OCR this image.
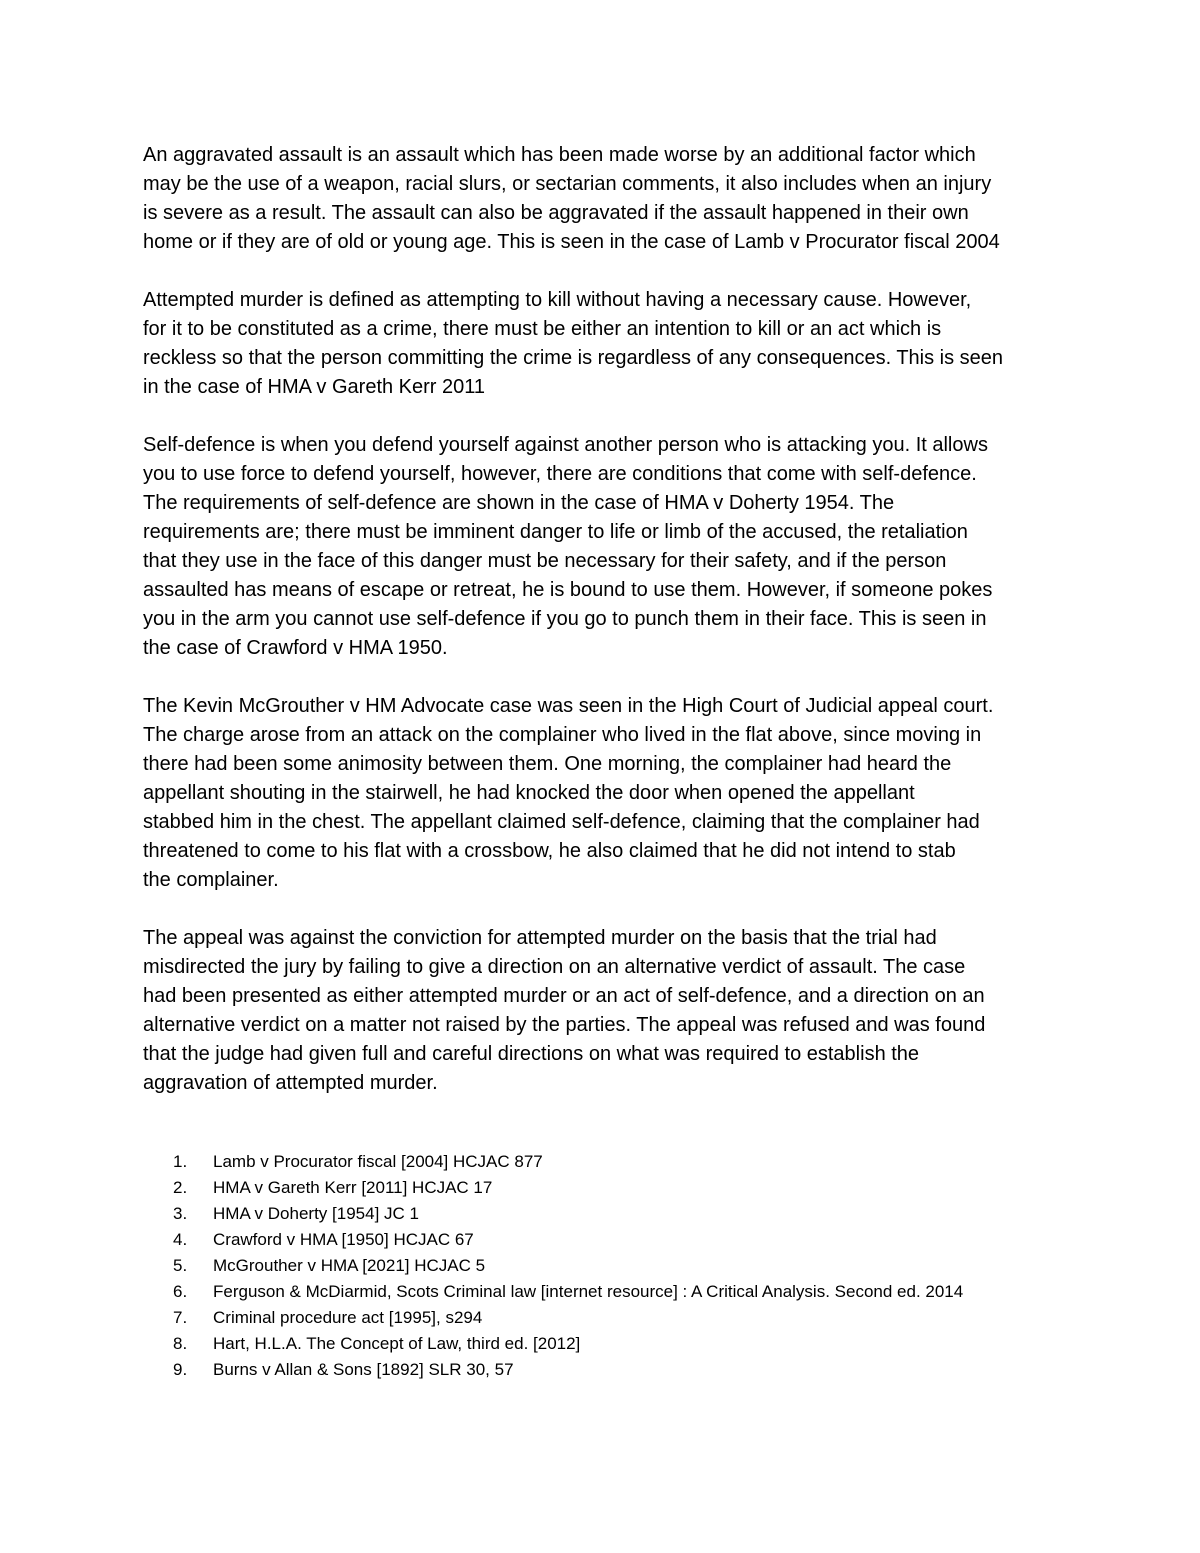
An aggravated assault is an assault which has been made worse by an additional factor which
may be the use of a weapon, racial slurs, or sectarian comments, it also includes when an injury
is severe as a result. The assault can also be aggravated if the assault happened in their own
home or if they are of old or young age. This is seen in the case of Lamb v Procurator fiscal 2004

Attempted murder is defined as attempting to kill without having a necessary cause. However,
for it to be constituted as a crime, there must be either an intention to kill or an act which is
reckless so that the person committing the crime is regardless of any consequences. This is seen
in the case of HMA v Gareth Kerr 2011

Self-defence is when you defend yourself against another person who is attacking you. It allows
you to use force to defend yourself, however, there are conditions that come with self-defence.
The requirements of self-defence are shown in the case of HMA v Doherty 1954. The
requirements are; there must be imminent danger to life or limb of the accused, the retaliation
that they use in the face of this danger must be necessary for their safety, and if the person
assaulted has means of escape or retreat, he is bound to use them. However, if someone pokes
you in the arm you cannot use self-defence if you go to punch them in their face. This is seen in
the case of Crawford v HMA 1950.

The Kevin McGrouther v HM Advocate case was seen in the High Court of Judicial appeal court.
The charge arose from an attack on the complainer who lived in the flat above, since moving in
there had been some animosity between them. One morning, the complainer had heard the
appellant shouting in the stairwell, he had knocked the door when opened the appellant
stabbed him in the chest. The appellant claimed self-defence, claiming that the complainer had
threatened to come to his flat with a crossbow, he also claimed that he did not intend to stab
the complainer.

The appeal was against the conviction for attempted murder on the basis that the trial had
misdirected the jury by failing to give a direction on an alternative verdict of assault. The case
had been presented as either attempted murder or an act of self-defence, and a direction on an
alternative verdict on a matter not raised by the parties. The appeal was refused and was found
that the judge had given full and careful directions on what was required to establish the
aggravation of attempted murder.

1.	Lamb v Procurator fiscal [2004] HCJAC 877
2.	HMA v Gareth Kerr [2011] HCJAC 17
3.	HMA v Doherty [1954] JC 1
4.	Crawford v HMA [1950] HCJAC 67
5.	McGrouther v HMA [2021] HCJAC 5
6.	Ferguson & McDiarmid, Scots Criminal law [internet resource] : A Critical Analysis. Second ed. 2014
7.	Criminal procedure act [1995], s294
8.	Hart, H.L.A. The Concept of Law, third ed. [2012]
9.	Burns v Allan & Sons [1892] SLR 30, 57
